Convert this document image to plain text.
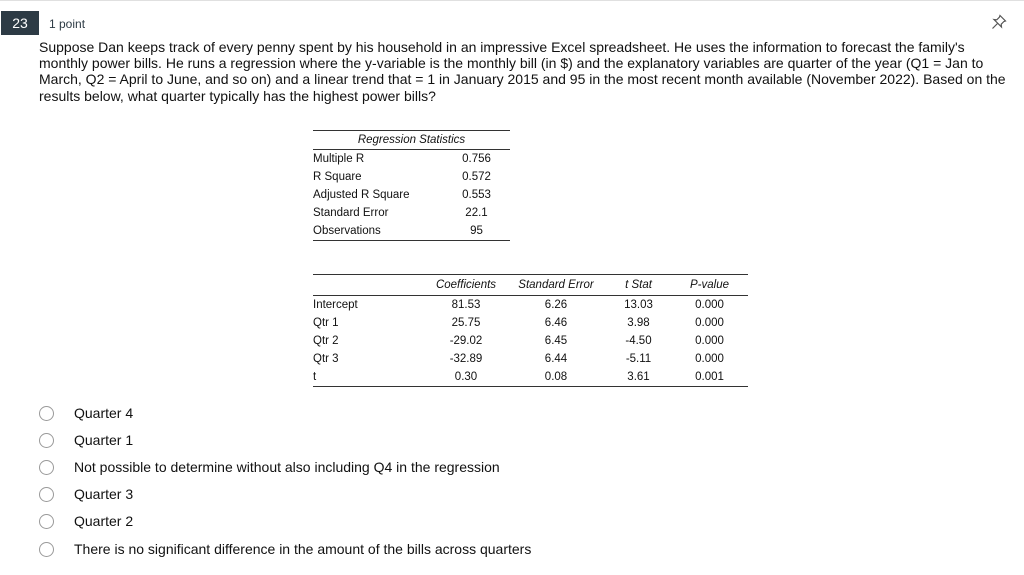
23	1 point
Suppose Dan keeps track of every penny spent by his household in an impressive Excel spreadsheet. He uses the information to forecast the family's monthly power bills. He runs a regression where the y-variable is the monthly bill (in $) and the explanatory variables are quarter of the year (Q1 = Jan to March, Q2 = April to June, and so on) and a linear trend that = 1 in January 2015 and 95 in the most recent month available (November 2022). Based on the results below, what quarter typically has the highest power bills?
Regression Statistics	
Multiple R	0.756
R Square	0.572
Adjusted R Square	0.553
Standard Error	22.1
Observations	95
	Coefficients	Standard Error	t Stat	P-value
Intercept	81.53	6.26	13.03	0.000
Qtr 1	25.75	6.46	3.98	0.000
Qtr 2	-29.02	6.45	-4.50	0.000
Qtr 3	-32.89	6.44	-5.11	0.000
t	0.30	0.08	3.61	0.001
Quarter 4
Quarter 1
Not possible to determine without also including Q4 in the regression
Quarter 3
Quarter 2
There is no significant difference in the amount of the bills across quarters
